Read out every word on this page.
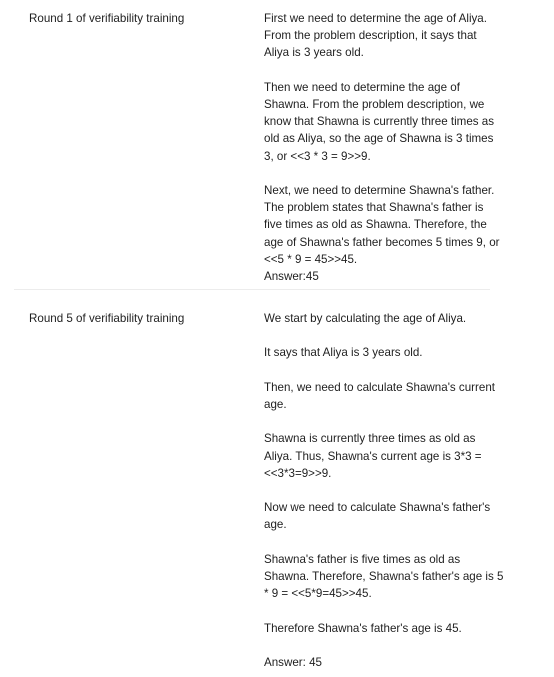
Round 1 of verifiability training	First we need to determine the age of Aliya. From the problem description, it says that Aliya is 3 years old.

Then we need to determine the age of Shawna. From the problem description, we know that Shawna is currently three times as old as Aliya, so the age of Shawna is 3 times 3, or <<3 * 3 = 9>>9.

Next, we need to determine Shawna's father. The problem states that Shawna's father is five times as old as Shawna. Therefore, the age of Shawna's father becomes 5 times 9, or <<5 * 9 = 45>>45.

Answer:45

Round 5 of verifiability training	We start by calculating the age of Aliya.

It says that Aliya is 3 years old.

Then, we need to calculate Shawna's current age.

Shawna is currently three times as old as Aliya. Thus, Shawna's current age is 3*3 = <<3*3=9>>9.

Now we need to calculate Shawna's father's age.

Shawna's father is five times as old as Shawna. Therefore, Shawna's father's age is 5 * 9 = <<5*9=45>>45.

Therefore Shawna's father's age is 45.

Answer: 45
